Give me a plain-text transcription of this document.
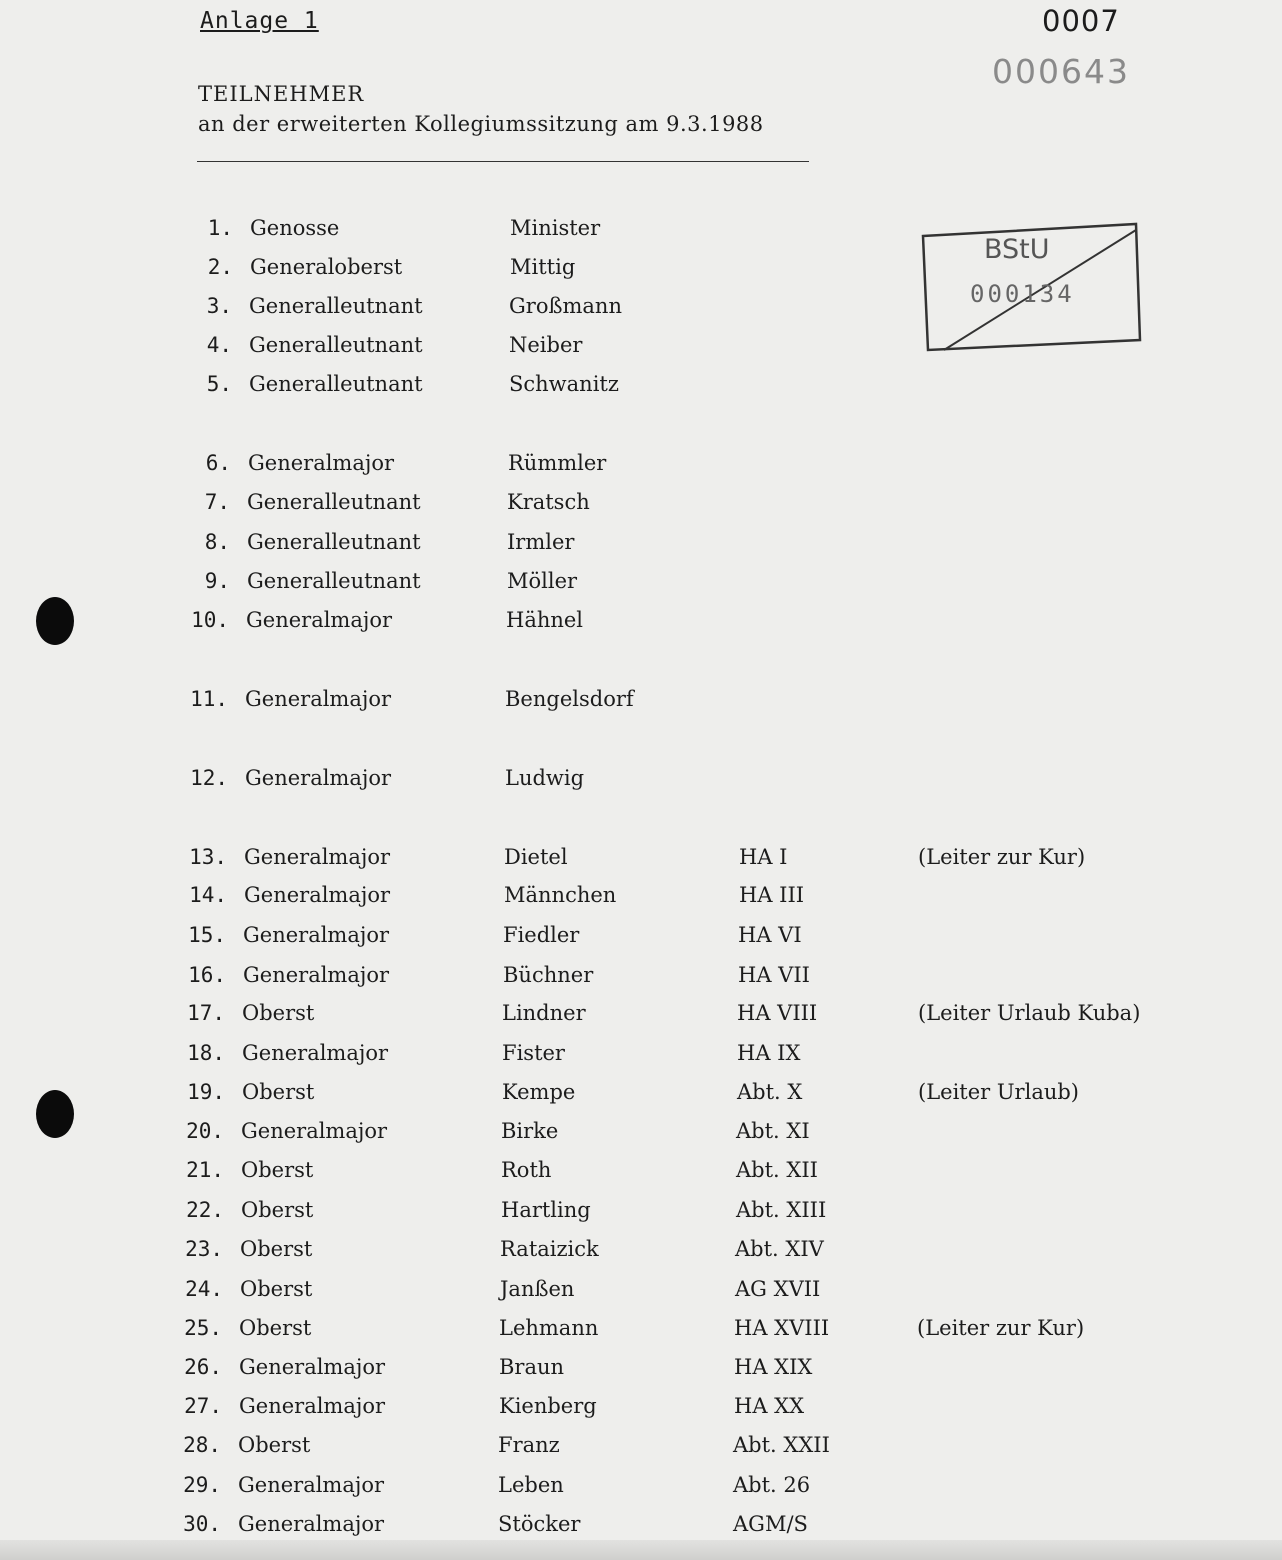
Anlage 1	0007
000643
TEILNEHMER
an der erweiterten Kollegiumssitzung am 9.3.1988
BStU
000134
1. Genosse	Minister
2. Generaloberst	Mittig
3. Generalleutnant	Großmann
4. Generalleutnant	Neiber
5. Generalleutnant	Schwanitz
6. Generalmajor	Rümmler
7. Generalleutnant	Kratsch
8. Generalleutnant	Irmler
9. Generalleutnant	Möller
10. Generalmajor	Hähnel
11. Generalmajor	Bengelsdorf
12. Generalmajor	Ludwig
13. Generalmajor	Dietel	HA I	(Leiter zur Kur)
14. Generalmajor	Männchen	HA III
15. Generalmajor	Fiedler	HA VI
16. Generalmajor	Büchner	HA VII
17. Oberst	Lindner	HA VIII	(Leiter Urlaub Kuba)
18. Generalmajor	Fister	HA IX
19. Oberst	Kempe	Abt. X	(Leiter Urlaub)
20. Generalmajor	Birke	Abt. XI
21. Oberst	Roth	Abt. XII
22. Oberst	Hartling	Abt. XIII
23. Oberst	Rataizick	Abt. XIV
24. Oberst	Janßen	AG XVII
25. Oberst	Lehmann	HA XVIII	(Leiter zur Kur)
26. Generalmajor	Braun	HA XIX
27. Generalmajor	Kienberg	HA XX
28. Oberst	Franz	Abt. XXII
29. Generalmajor	Leben	Abt. 26
30. Generalmajor	Stöcker	AGM/S
